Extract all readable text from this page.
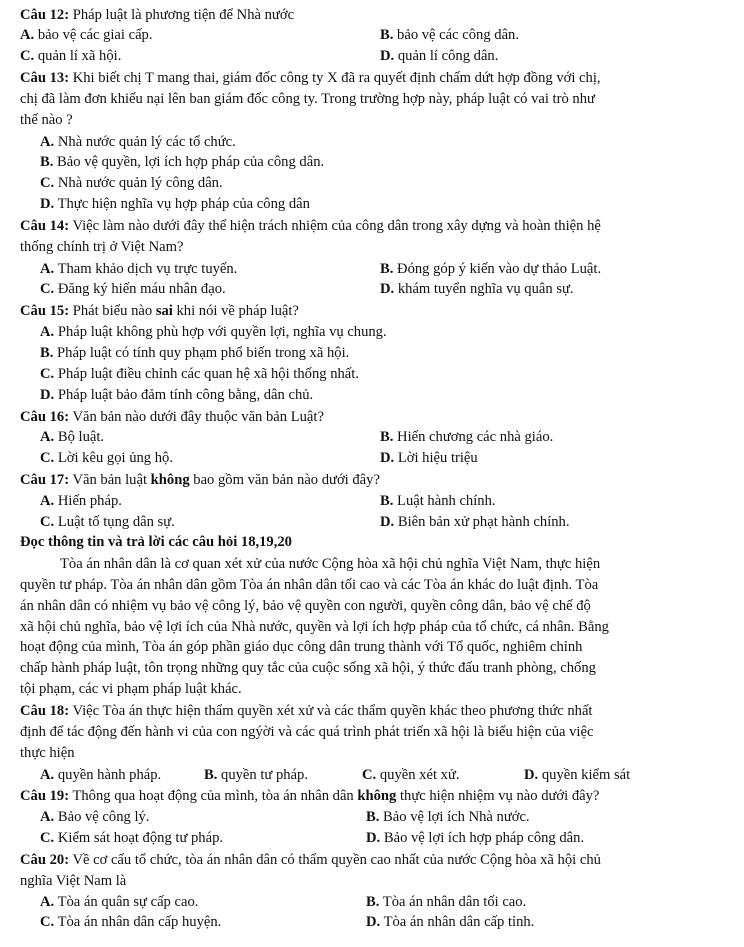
Câu 12: Pháp luật là phương tiện để Nhà nước
A. bảo vệ các giai cấp.	B. bảo vệ các công dân.
C. quản lí xã hội.	D. quản lí công dân.
Câu 13: Khi biết chị T mang thai, giám đốc công ty X đã ra quyết định chấm dứt hợp đồng với chị,
chị đã làm đơn khiếu nại lên ban giám đốc công ty. Trong trường hợp này, pháp luật có vai trò như
thế nào ?
A. Nhà nước quản lý các tổ chức.
B. Bảo vệ quyền, lợi ích hợp pháp của công dân.
C. Nhà nước quản lý công dân.
D. Thực hiện nghĩa vụ hợp pháp của công dân
Câu 14: Việc làm nào dưới đây thể hiện trách nhiệm của công dân trong xây dựng và hoàn thiện hệ
thống chính trị ở Việt Nam?
A. Tham khảo dịch vụ trực tuyến.	B. Đóng góp ý kiến vào dự thảo Luật.
C. Đăng ký hiến máu nhân đạo.	D. khám tuyển nghĩa vụ quân sự.
Câu 15: Phát biểu nào sai khi nói về pháp luật?
A. Pháp luật không phù hợp với quyền lợi, nghĩa vụ chung.
B. Pháp luật có tính quy phạm phổ biến trong xã hội.
C. Pháp luật điều chỉnh các quan hệ xã hội thống nhất.
D. Pháp luật bảo đảm tính công bằng, dân chủ.
Câu 16: Văn bản nào dưới đây thuộc văn bản Luật?
A. Bộ luật.	B. Hiến chương các nhà giáo.
C. Lời kêu gọi ủng hộ.	D. Lời hiệu triệu
Câu 17: Văn bản luật không bao gồm văn bản nào dưới đây?
A. Hiến pháp.	B. Luật hành chính.
C. Luật tố tụng dân sự.	D. Biên bản xử phạt hành chính.
Đọc thông tin và trả lời các câu hỏi 18,19,20
Tòa án nhân dân là cơ quan xét xử của nước Cộng hòa xã hội chủ nghĩa Việt Nam, thực hiện
quyền tư pháp. Tòa án nhân dân gồm Tòa án nhân dân tối cao và các Tòa án khác do luật định. Tòa
án nhân dân có nhiệm vụ bảo vệ công lý, bảo vệ quyền con người, quyền công dân, bảo vệ chế độ
xã hội chủ nghĩa, bảo vệ lợi ích của Nhà nước, quyền và lợi ích hợp pháp của tổ chức, cá nhân. Bằng
hoạt động của mình, Tòa án góp phần giáo dục công dân trung thành với Tổ quốc, nghiêm chỉnh
chấp hành pháp luật, tôn trọng những quy tắc của cuộc sống xã hội, ý thức đấu tranh phòng, chống
tội phạm, các vi phạm pháp luật khác.
Câu 18: Việc Tòa án thực hiện thẩm quyền xét xử và các thẩm quyền khác theo phương thức nhất
định để tác động đến hành vi của con ngýời và các quá trình phát triển xã hội là biểu hiện của việc
thực hiện
A. quyền hành pháp.	B. quyền tư pháp.	C. quyền xét xử.	D. quyền kiểm sát
Câu 19: Thông qua hoạt động của mình, tòa án nhân dân không thực hiện nhiệm vụ nào dưới đây?
A. Bảo vệ công lý.	B. Bảo vệ lợi ích Nhà nước.
C. Kiểm sát hoạt động tư pháp.	D. Bảo vệ lợi ích hợp pháp công dân.
Câu 20: Về cơ cấu tổ chức, tòa án nhân dân có thẩm quyền cao nhất của nước Cộng hòa xã hội chủ
nghĩa Việt Nam là
A. Tòa án quân sự cấp cao.	B. Tòa án nhân dân tối cao.
C. Tòa án nhân dân cấp huyện.	D. Tòa án nhân dân cấp tỉnh.
